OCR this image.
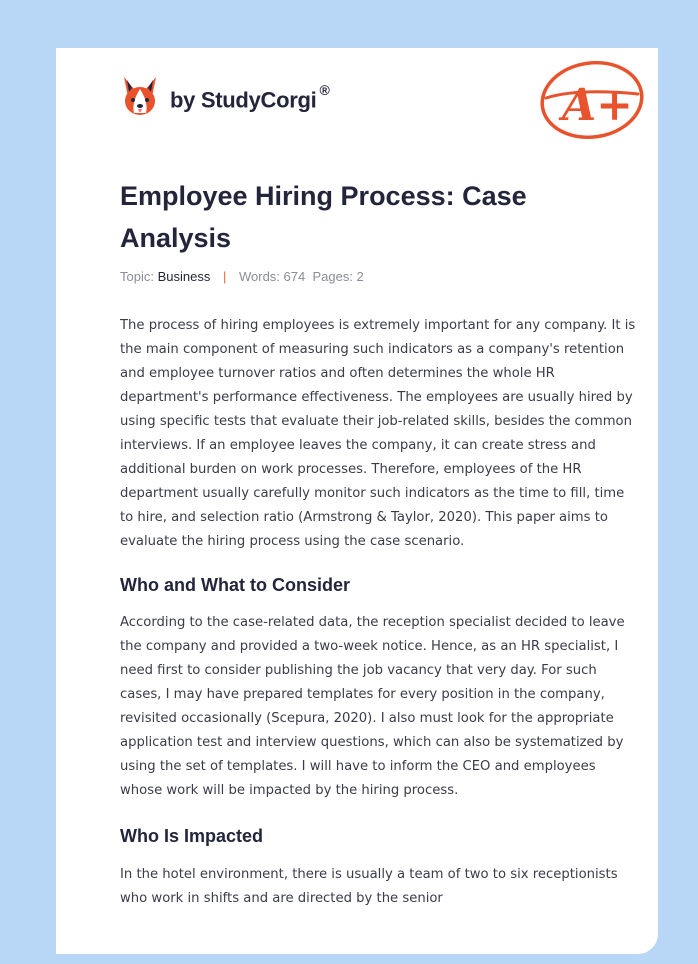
by StudyCorgi ®	A+
Employee Hiring Process: Case Analysis
Topic: Business | Words: 674 Pages: 2

The process of hiring employees is extremely important for any company. It is the main component of measuring such indicators as a company's retention and employee turnover ratios and often determines the whole HR department's performance effectiveness. The employees are usually hired by using specific tests that evaluate their job-related skills, besides the common interviews. If an employee leaves the company, it can create stress and additional burden on work processes. Therefore, employees of the HR department usually carefully monitor such indicators as the time to fill, time to hire, and selection ratio (Armstrong & Taylor, 2020). This paper aims to evaluate the hiring process using the case scenario.

Who and What to Consider

According to the case-related data, the reception specialist decided to leave the company and provided a two-week notice. Hence, as an HR specialist, I need first to consider publishing the job vacancy that very day. For such cases, I may have prepared templates for every position in the company, revisited occasionally (Scepura, 2020). I also must look for the appropriate application test and interview questions, which can also be systematized by using the set of templates. I will have to inform the CEO and employees whose work will be impacted by the hiring process.

Who Is Impacted

In the hotel environment, there is usually a team of two to six receptionists who work in shifts and are directed by the senior
